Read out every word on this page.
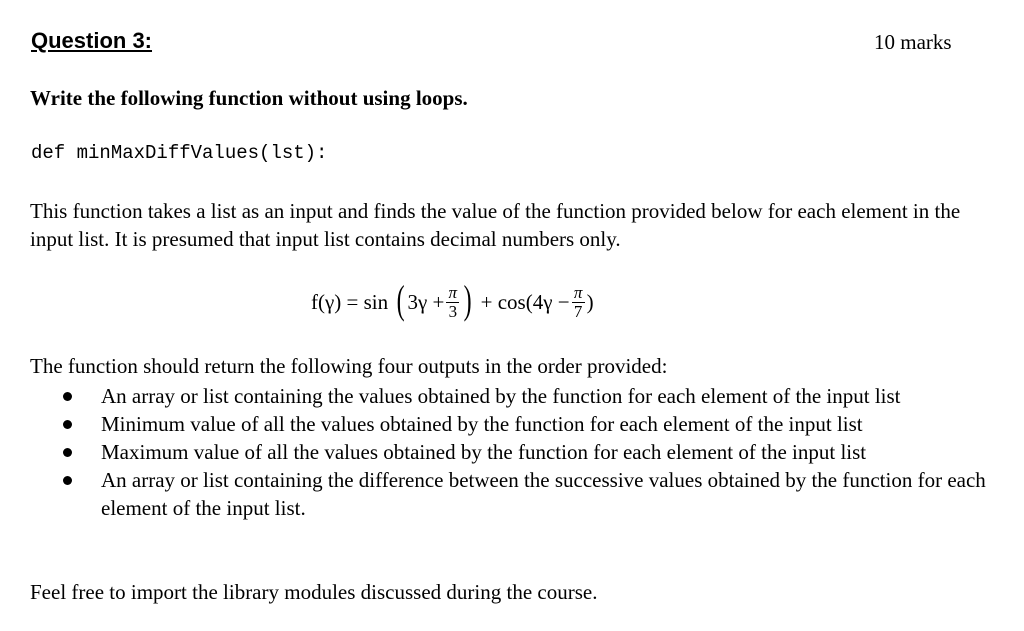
Question 3:	10 marks
Write the following function without using loops.
def minMaxDiffValues(lst):
This function takes a list as an input and finds the value of the function provided below for each element in the input list. It is presumed that input list contains decimal numbers only.
f(γ) = sin ( $3\gamma + \frac{\pi}{3}$ ) + $\cos(4\gamma - \frac{\pi}{7}$ )
The function should return the following four outputs in the order provided:
An array or list containing the values obtained by the function for each element of the input list
Minimum value of all the values obtained by the function for each element of the input list
Maximum value of all the values obtained by the function for each element of the input list
An array or list containing the difference between the successive values obtained by the function for each element of the input list.
Feel free to import the library modules discussed during the course.
